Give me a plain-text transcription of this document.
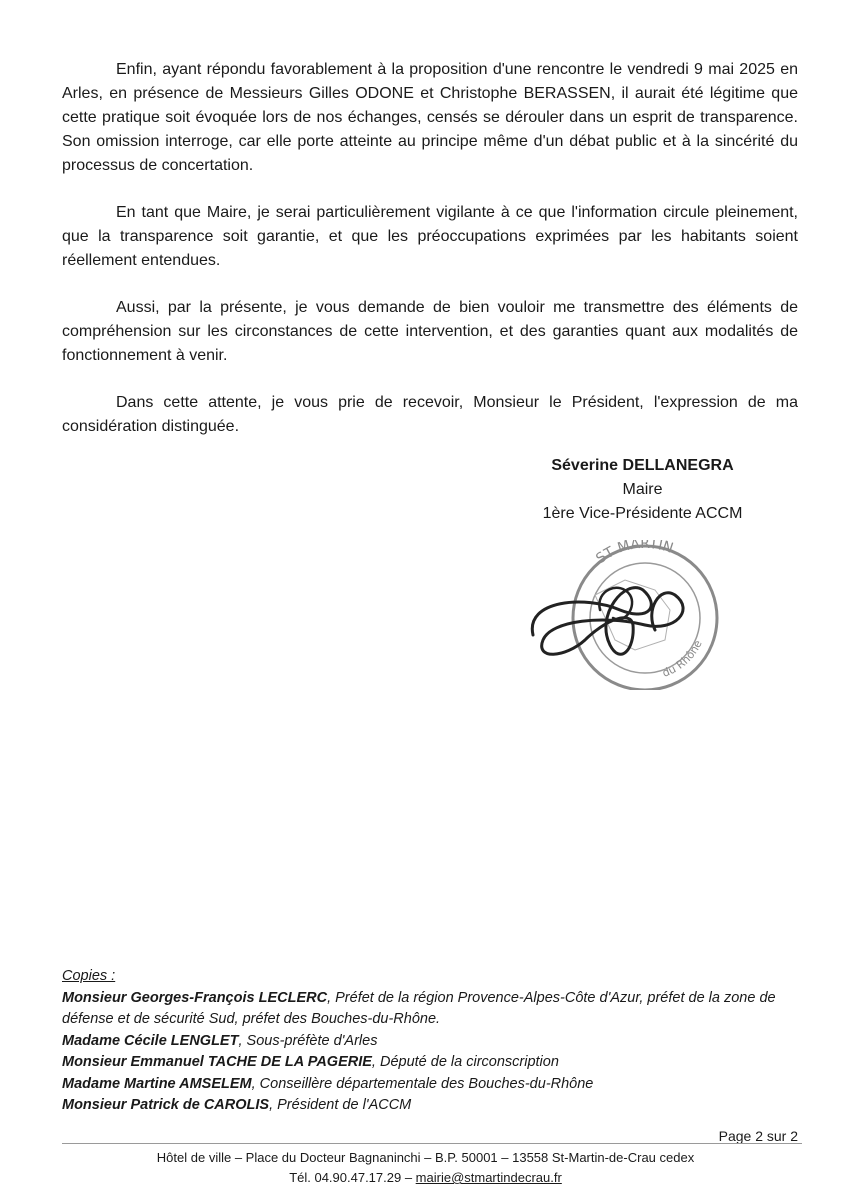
Enfin, ayant répondu favorablement à la proposition d'une rencontre le vendredi 9 mai 2025 en Arles, en présence de Messieurs Gilles ODONE et Christophe BERASSEN, il aurait été légitime que cette pratique soit évoquée lors de nos échanges, censés se dérouler dans un esprit de transparence. Son omission interroge, car elle porte atteinte au principe même d'un débat public et à la sincérité du processus de concertation.

En tant que Maire, je serai particulièrement vigilante à ce que l'information circule pleinement, que la transparence soit garantie, et que les préoccupations exprimées par les habitants soient réellement entendues.

Aussi, par la présente, je vous demande de bien vouloir me transmettre des éléments de compréhension sur les circonstances de cette intervention, et des garanties quant aux modalités de fonctionnement à venir.

Dans cette attente, je vous prie de recevoir, Monsieur le Président, l'expression de ma considération distinguée.

Séverine DELLANEGRA
Maire
1ère Vice-Présidente ACCM
ST MARTIN
du Rhône
Copies :
Monsieur Georges-François LECLERC, Préfet de la région Provence-Alpes-Côte d'Azur, préfet de la zone de défense et de sécurité Sud, préfet des Bouches-du-Rhône.
Madame Cécile LENGLET, Sous-préfète d'Arles
Monsieur Emmanuel TACHE DE LA PAGERIE, Député de la circonscription
Madame Martine AMSELEM, Conseillère départementale des Bouches-du-Rhône
Monsieur Patrick de CAROLIS, Président de l'ACCM
Page 2 sur 2
Hôtel de ville – Place du Docteur Bagnaninchi – B.P. 50001 – 13558 St-Martin-de-Crau cedex
Tél. 04.90.47.17.29 – mairie@stmartindecrau.fr
